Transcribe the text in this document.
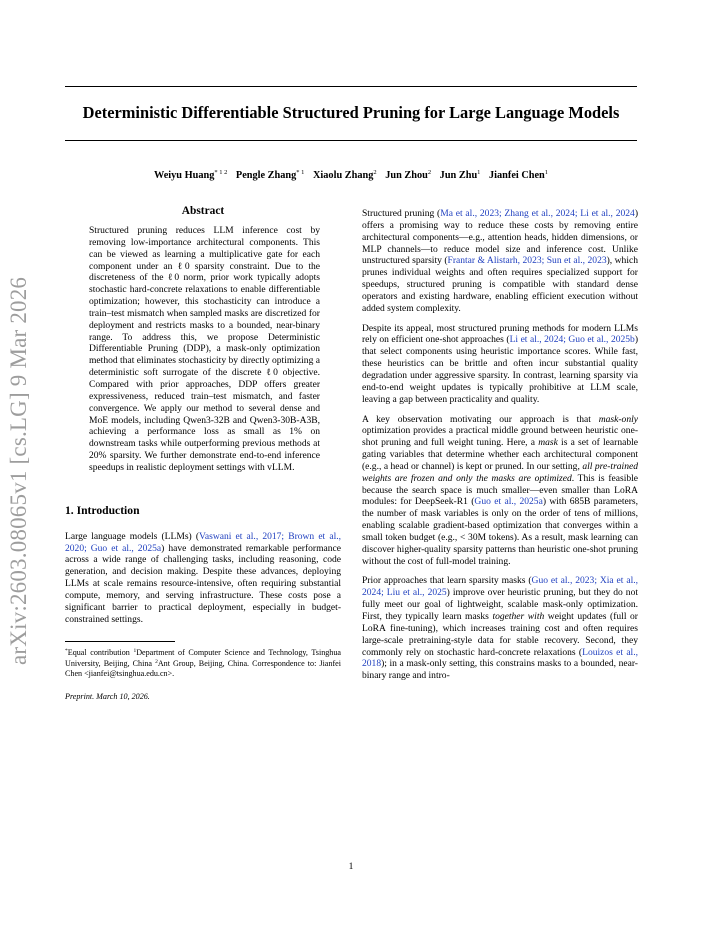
arXiv:2603.08065v1 [cs.LG] 9 Mar 2026
Deterministic Differentiable Structured Pruning for Large Language Models
Weiyu Huang$^{* 1 2}$ Pengle Zhang$^{* 1}$ Xiaolu Zhang$^2$ Jun Zhou$^2$ Jun Zhu$^1$ Jianfei Chen$^1$
Abstract
Structured pruning reduces LLM inference cost by removing low-importance architectural components. This can be viewed as learning a multiplicative gate for each component under an ℓ0 sparsity constraint. Due to the discreteness of the ℓ0 norm, prior work typically adopts stochastic hard-concrete relaxations to enable differentiable optimization; however, this stochasticity can introduce a train–test mismatch when sampled masks are discretized for deployment and restricts masks to a bounded, near-binary range. To address this, we propose Deterministic Differentiable Pruning (DDP), a mask-only optimization method that eliminates stochasticity by directly optimizing a deterministic soft surrogate of the discrete ℓ0 objective. Compared with prior approaches, DDP offers greater expressiveness, reduced train–test mismatch, and faster convergence. We apply our method to several dense and MoE models, including Qwen3-32B and Qwen3-30B-A3B, achieving a performance loss as small as 1% on downstream tasks while outperforming previous methods at 20% sparsity. We further demonstrate end-to-end inference speedups in realistic deployment settings with vLLM.
1. Introduction
Large language models (LLMs) (Vaswani et al., 2017; Brown et al., 2020; Guo et al., 2025a) have demonstrated remarkable performance across a wide range of challenging tasks, including reasoning, code generation, and decision making. Despite these advances, deploying LLMs at scale remains resource-intensive, often requiring substantial compute, memory, and serving infrastructure. These costs pose a significant barrier to practical deployment, especially in budget-constrained settings.
*Equal contribution $^1$Department of Computer Science and Technology, Tsinghua University, Beijing, China $^2$Ant Group, Beijing, China. Correspondence to: Jianfei Chen <jianfei@tsinghua.edu.cn>.
Preprint. March 10, 2026.
Structured pruning (Ma et al., 2023; Zhang et al., 2024; Li et al., 2024) offers a promising way to reduce these costs by removing entire architectural components—e.g., attention heads, hidden dimensions, or MLP channels—to reduce model size and inference cost. Unlike unstructured sparsity (Frantar & Alistarh, 2023; Sun et al., 2023), which prunes individual weights and often requires specialized support for speedups, structured pruning is compatible with standard dense operators and existing hardware, enabling efficient execution without added system complexity.
Despite its appeal, most structured pruning methods for modern LLMs rely on efficient one-shot approaches (Li et al., 2024; Guo et al., 2025b) that select components using heuristic importance scores. While fast, these heuristics can be brittle and often incur substantial quality degradation under aggressive sparsity. In contrast, learning sparsity via end-to-end weight updates is typically prohibitive at LLM scale, leaving a gap between practicality and quality.
A key observation motivating our approach is that mask-only optimization provides a practical middle ground between heuristic one-shot pruning and full weight tuning. Here, a mask is a set of learnable gating variables that determine whether each architectural component (e.g., a head or channel) is kept or pruned. In our setting, all pre-trained weights are frozen and only the masks are optimized. This is feasible because the search space is much smaller—even smaller than LoRA modules: for DeepSeek-R1 (Guo et al., 2025a) with 685B parameters, the number of mask variables is only on the order of tens of millions, enabling scalable gradient-based optimization that converges within a small token budget (e.g., < 30M tokens). As a result, mask learning can discover higher-quality sparsity patterns than heuristic one-shot pruning without the cost of full-model training.
Prior approaches that learn sparsity masks (Guo et al., 2023; Xia et al., 2024; Liu et al., 2025) improve over heuristic pruning, but they do not fully meet our goal of lightweight, scalable mask-only optimization. First, they typically learn masks together with weight updates (full or LoRA fine-tuning), which increases training cost and often requires large-scale pretraining-style data for stable recovery. Second, they commonly rely on stochastic hard-concrete relaxations (Louizos et al., 2018); in a mask-only setting, this constrains masks to a bounded, near-binary range and intro-
1
